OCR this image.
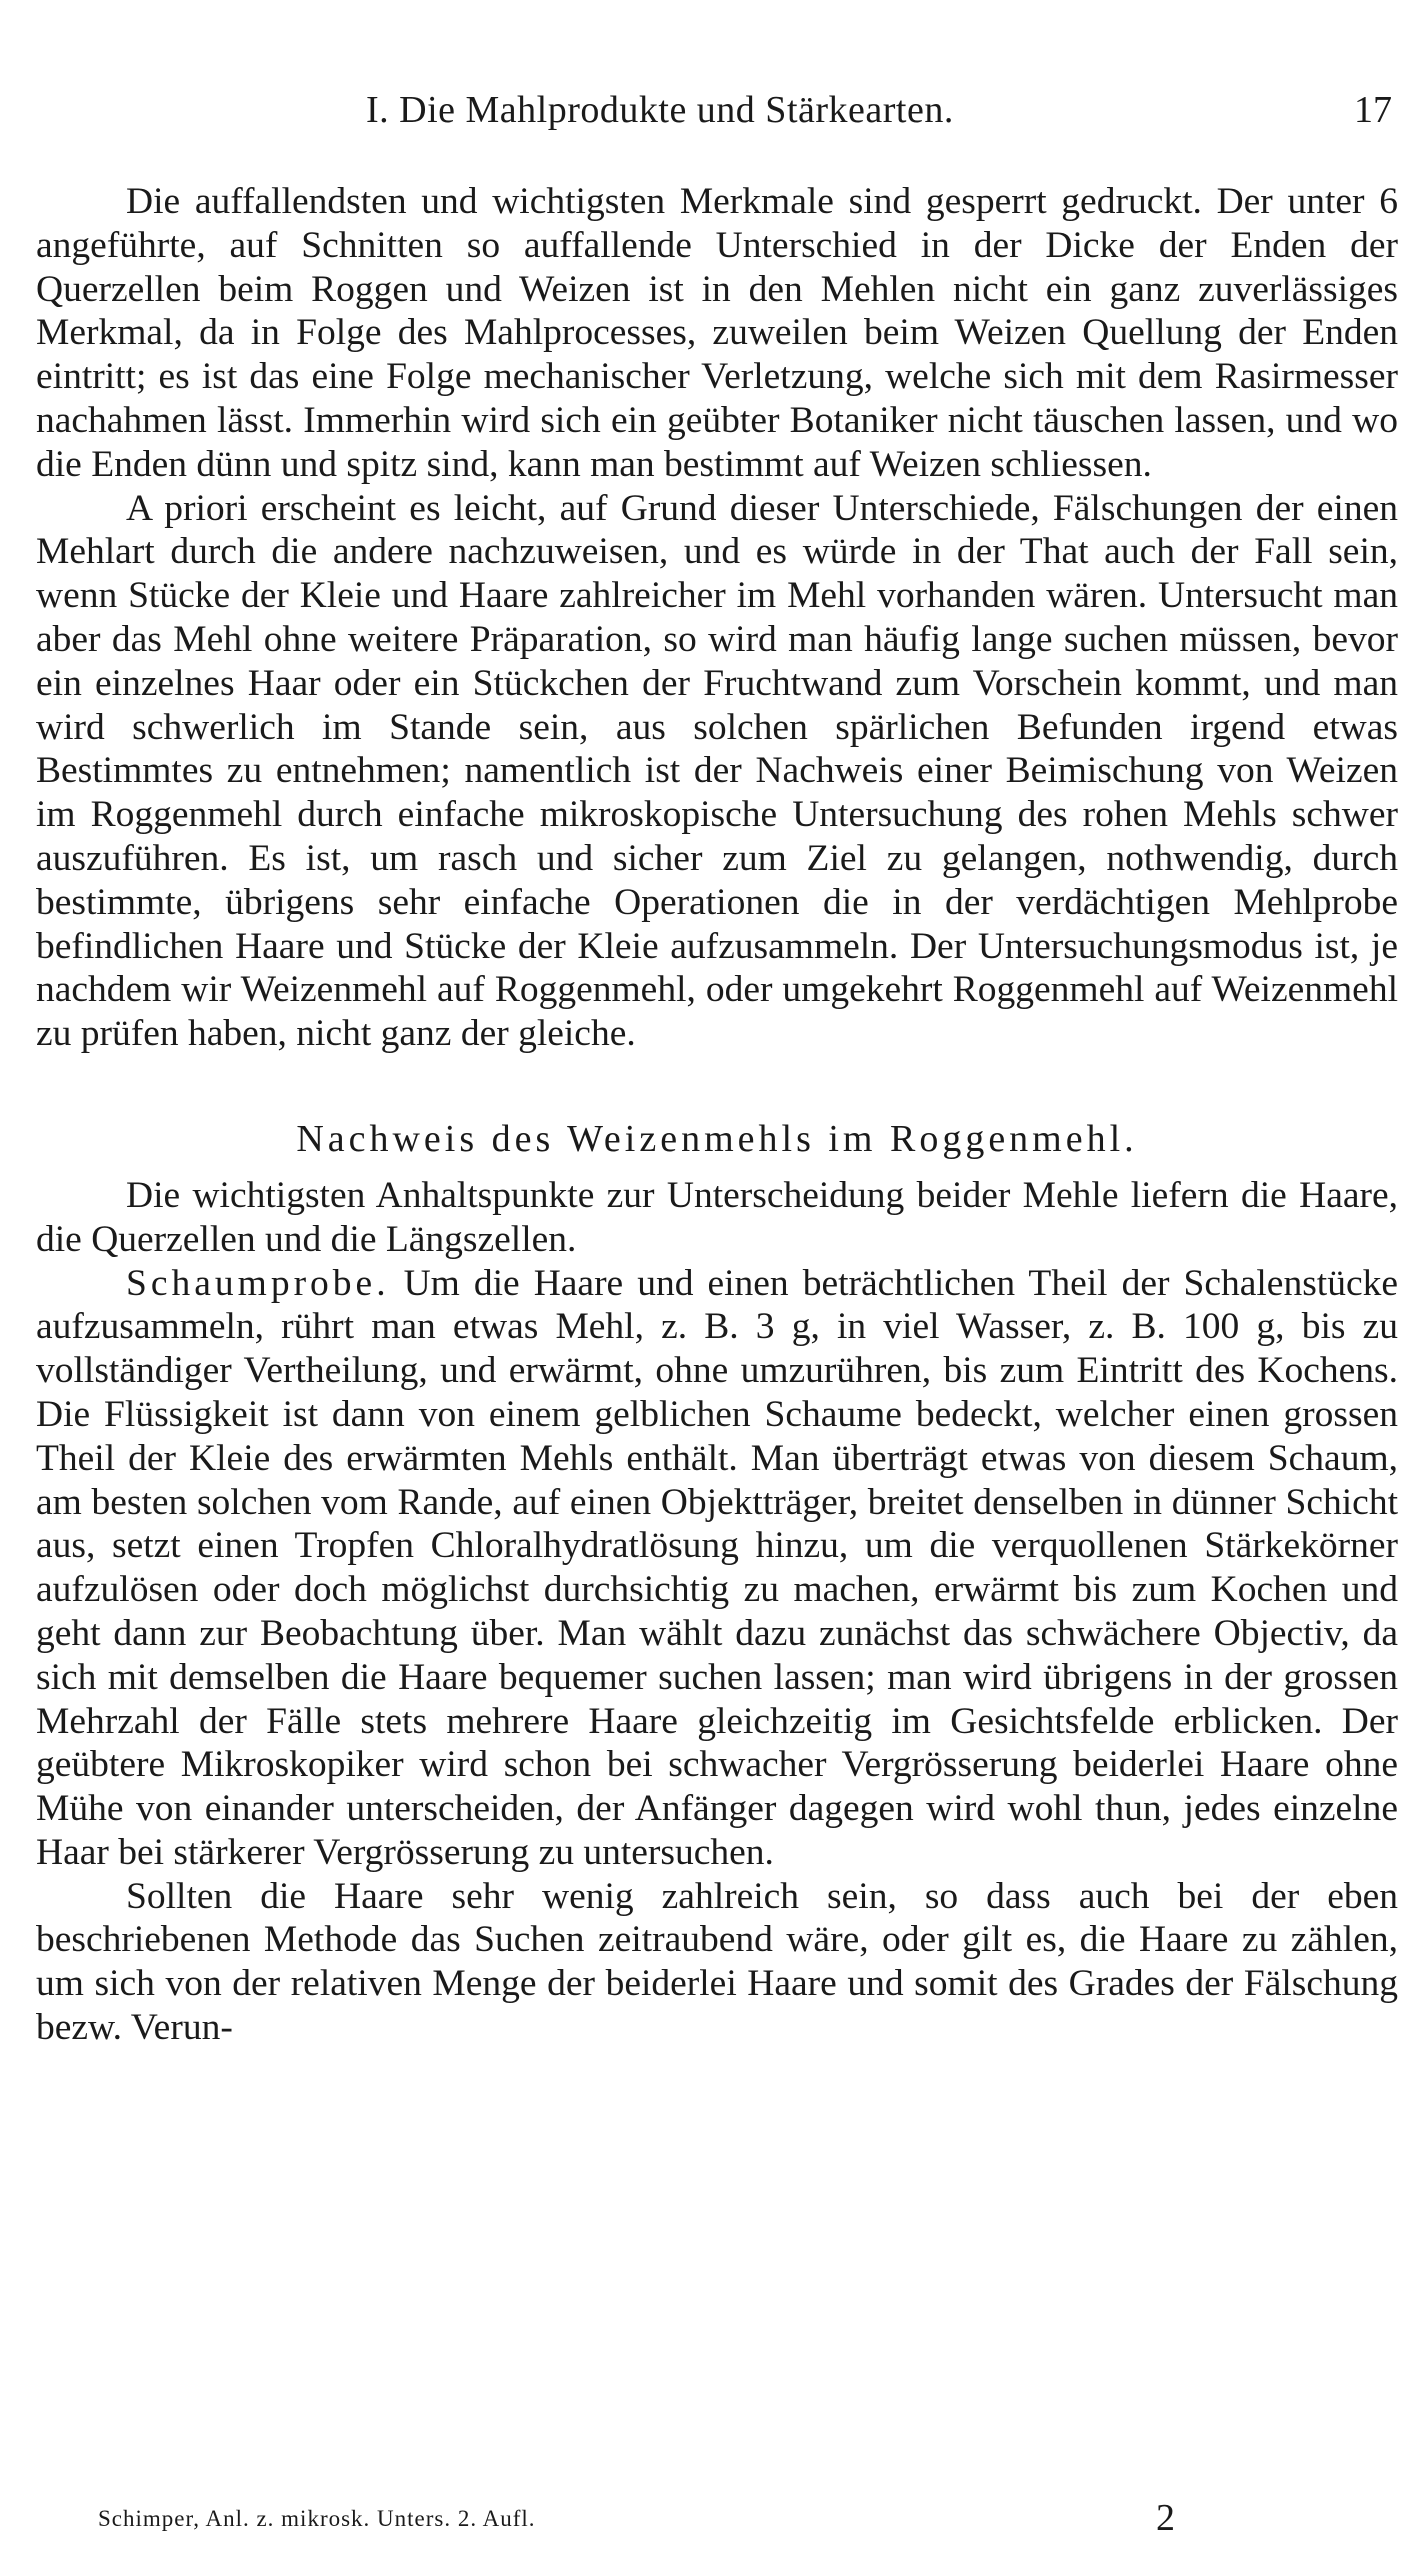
I. Die Mahlprodukte und Stärkearten.	17

Die auffallendsten und wichtigsten Merkmale sind gesperrt gedruckt. Der unter 6 angeführte, auf Schnitten so auffallende Unterschied in der Dicke der Enden der Querzellen beim Roggen und Weizen ist in den Mehlen nicht ein ganz zuverlässiges Merkmal, da in Folge des Mahlprocesses, zuweilen beim Weizen Quellung der Enden eintritt; es ist das eine Folge mechanischer Verletzung, welche sich mit dem Rasirmesser nachahmen lässt. Immerhin wird sich ein geübter Botaniker nicht täuschen lassen, und wo die Enden dünn und spitz sind, kann man bestimmt auf Weizen schliessen.

A priori erscheint es leicht, auf Grund dieser Unterschiede, Fälschungen der einen Mehlart durch die andere nachzuweisen, und es würde in der That auch der Fall sein, wenn Stücke der Kleie und Haare zahlreicher im Mehl vorhanden wären. Untersucht man aber das Mehl ohne weitere Präparation, so wird man häufig lange suchen müssen, bevor ein einzelnes Haar oder ein Stückchen der Fruchtwand zum Vorschein kommt, und man wird schwerlich im Stande sein, aus solchen spärlichen Befunden irgend etwas Bestimmtes zu entnehmen; namentlich ist der Nachweis einer Beimischung von Weizen im Roggenmehl durch einfache mikroskopische Untersuchung des rohen Mehls schwer auszuführen. Es ist, um rasch und sicher zum Ziel zu gelangen, nothwendig, durch bestimmte, übrigens sehr einfache Operationen die in der verdächtigen Mehlprobe befindlichen Haare und Stücke der Kleie aufzusammeln. Der Untersuchungsmodus ist, je nachdem wir Weizenmehl auf Roggenmehl, oder umgekehrt Roggenmehl auf Weizenmehl zu prüfen haben, nicht ganz der gleiche.

Nachweis des Weizenmehls im Roggenmehl.

Die wichtigsten Anhaltspunkte zur Unterscheidung beider Mehle liefern die Haare, die Querzellen und die Längszellen.

Schaumprobe. Um die Haare und einen beträchtlichen Theil der Schalenstücke aufzusammeln, rührt man etwas Mehl, z. B. 3 g, in viel Wasser, z. B. 100 g, bis zu vollständiger Vertheilung, und erwärmt, ohne umzurühren, bis zum Eintritt des Kochens. Die Flüssigkeit ist dann von einem gelblichen Schaume bedeckt, welcher einen grossen Theil der Kleie des erwärmten Mehls enthält. Man überträgt etwas von diesem Schaum, am besten solchen vom Rande, auf einen Objektträger, breitet denselben in dünner Schicht aus, setzt einen Tropfen Chloralhydratlösung hinzu, um die verquollenen Stärkekörner aufzulösen oder doch möglichst durchsichtig zu machen, erwärmt bis zum Kochen und geht dann zur Beobachtung über. Man wählt dazu zunächst das schwächere Objectiv, da sich mit demselben die Haare bequemer suchen lassen; man wird übrigens in der grossen Mehrzahl der Fälle stets mehrere Haare gleichzeitig im Gesichtsfelde erblicken. Der geübtere Mikroskopiker wird schon bei schwacher Vergrösserung beiderlei Haare ohne Mühe von einander unterscheiden, der Anfänger dagegen wird wohl thun, jedes einzelne Haar bei stärkerer Vergrösserung zu untersuchen.

Sollten die Haare sehr wenig zahlreich sein, so dass auch bei der eben beschriebenen Methode das Suchen zeitraubend wäre, oder gilt es, die Haare zu zählen, um sich von der relativen Menge der beiderlei Haare und somit des Grades der Fälschung bezw. Verun-

Schimper, Anl. z. mikrosk. Unters. 2. Aufl.	2
